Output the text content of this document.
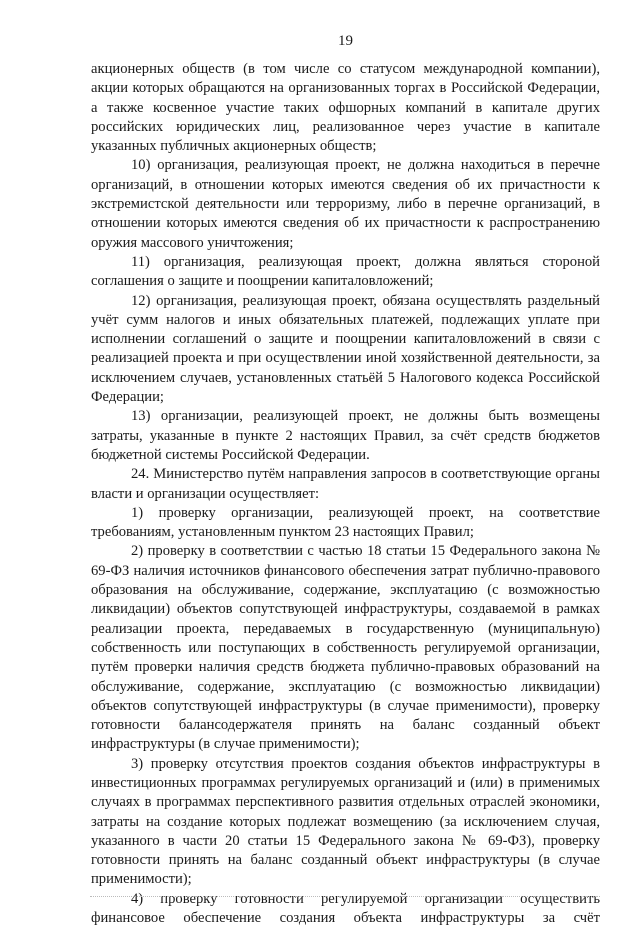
19

акционерных обществ (в том числе со статусом международной компании), акции которых обращаются на организованных торгах в Российской Федерации, а также косвенное участие таких офшорных компаний в капитале других российских юридических лиц, реализованное через участие в капитале указанных публичных акционерных обществ;

10) организация, реализующая проект, не должна находиться в перечне организаций, в отношении которых имеются сведения об их причастности к экстремистской деятельности или терроризму, либо в перечне организаций, в отношении которых имеются сведения об их причастности к распространению оружия массового уничтожения;

11) организация, реализующая проект, должна являться стороной соглашения о защите и поощрении капиталовложений;

12) организация, реализующая проект, обязана осуществлять раздельный учёт сумм налогов и иных обязательных платежей, подлежащих уплате при исполнении соглашений о защите и поощрении капиталовложений в связи с реализацией проекта и при осуществлении иной хозяйственной деятельности, за исключением случаев, установленных статьёй 5 Налогового кодекса Российской Федерации;

13) организации, реализующей проект, не должны быть возмещены затраты, указанные в пункте 2 настоящих Правил, за счёт средств бюджетов бюджетной системы Российской Федерации.

24. Министерство путём направления запросов в соответствующие органы власти и организации осуществляет:

1) проверку организации, реализующей проект, на соответствие требованиям, установленным пунктом 23 настоящих Правил;

2) проверку в соответствии с частью 18 статьи 15 Федерального закона № 69-ФЗ наличия источников финансового обеспечения затрат публично-правового образования на обслуживание, содержание, эксплуатацию (с возможностью ликвидации) объектов сопутствующей инфраструктуры, создаваемой в рамках реализации проекта, передаваемых в государственную (муниципальную) собственность или поступающих в собственность регулируемой организации, путём проверки наличия средств бюджета публично-правовых образований на обслуживание, содержание, эксплуатацию (с возможностью ликвидации) объектов сопутствующей инфраструктуры (в случае применимости), проверку готовности балансодержателя принять на баланс созданный объект инфраструктуры (в случае применимости);

3) проверку отсутствия проектов создания объектов инфраструктуры в инвестиционных программах регулируемых организаций и (или) в применимых случаях в программах перспективного развития отдельных отраслей экономики, затраты на создание которых подлежат возмещению (за исключением случая, указанного в части 20 статьи 15 Федерального закона № 69-ФЗ), проверку готовности принять на баланс созданный объект инфраструктуры (в случае применимости);

4) проверку готовности регулируемой организации осуществить финансовое обеспечение создания объекта инфраструктуры за счёт
